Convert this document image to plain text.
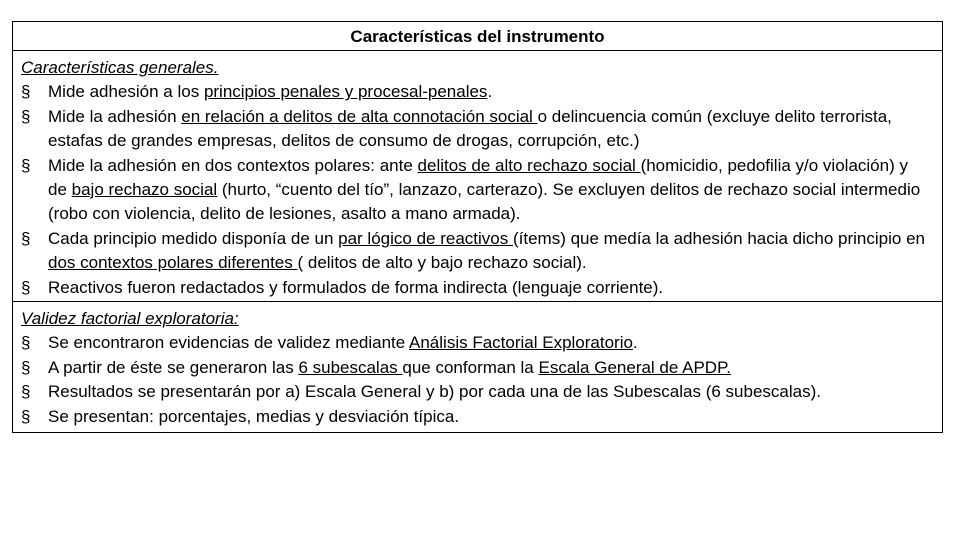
Características del instrumento
Características generales.
§	Mide adhesión a los principios penales y procesal-penales.
§	Mide la adhesión en relación a delitos de alta connotación social o delincuencia común (excluye delito terrorista, estafas de grandes empresas, delitos de consumo de drogas, corrupción, etc.)
§	Mide la adhesión en dos contextos polares: ante delitos de alto rechazo social (homicidio, pedofilia y/o violación) y de bajo rechazo social (hurto, “cuento del tío”, lanzazo, carterazo). Se excluyen delitos de rechazo social intermedio (robo con violencia, delito de lesiones, asalto a mano armada).
§	Cada principio medido disponía de un par lógico de reactivos (ítems) que medía la adhesión hacia dicho principio en dos contextos polares diferentes ( delitos de alto y bajo rechazo social).
§	Reactivos fueron redactados y formulados de forma indirecta (lenguaje corriente).
Validez factorial exploratoria:
§	Se encontraron evidencias de validez mediante Análisis Factorial Exploratorio.
§	A partir de éste se generaron las 6 subescalas que conforman la Escala General de APDP.
§	Resultados se presentarán por a) Escala General y b) por cada una de las Subescalas (6 subescalas).
§	Se presentan: porcentajes, medias y desviación típica.
